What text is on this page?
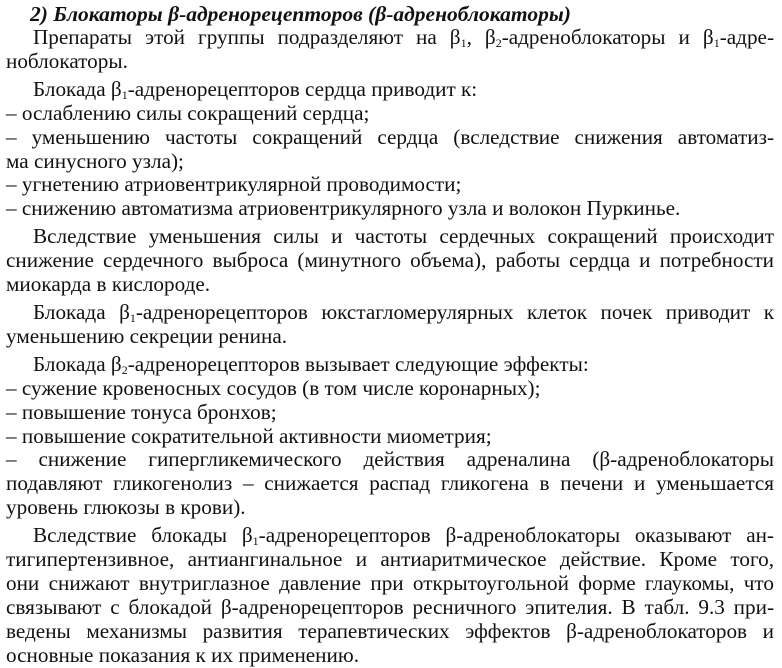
2) Блокаторы β-адренорецепторов (β-адреноблокаторы)
Препараты этой группы подразделяют на $\beta_1$, $\beta_2$-адреноблокаторы и $\beta_1-адре-$
ноблокаторы.
Блокада $\beta_1$-адренорецепторов сердца приводит к:
– ослаблению силы сокращений сердца;
– уменьшению частоты сокращений сердца (вследствие снижения автоматиз-
ма синусного узла);
– угнетению атриовентрикулярной проводимости;
– снижению автоматизма атриовентрикулярного узла и волокон Пуркинье.
Вследствие уменьшения силы и частоты сердечных сокращений происходит
снижение сердечного выброса (минутного объема), работы сердца и потребности
миокарда в кислороде.
Блокада $\beta_1$-адренорецепторов юкстагломерулярных клеток почек приводит к
уменьшению секреции ренина.
Блокада $\beta_2$-адренорецепторов вызывает следующие эффекты:
– сужение кровеносных сосудов (в том числе коронарных);
– повышение тонуса бронхов;
– повышение сократительной активности миометрия;
– снижение гипергликемического действия адреналина (β-адреноблокаторы
подавляют гликогенолиз – снижается распад гликогена в печени и уменьшается
уровень глюкозы в крови).
Вследствие блокады $\beta_1$-адренорецепторов β-адреноблокаторы оказывают ан-
тигипертензивное, антиангинальное и антиаритмическое действие. Кроме того,
они снижают внутриглазное давление при открытоугольной форме глаукомы, что
связывают с блокадой β-адренорецепторов ресничного эпителия. В табл. 9.3 при-
ведены механизмы развития терапевтических эффектов β-адреноблокаторов и
основные показания к их применению.
